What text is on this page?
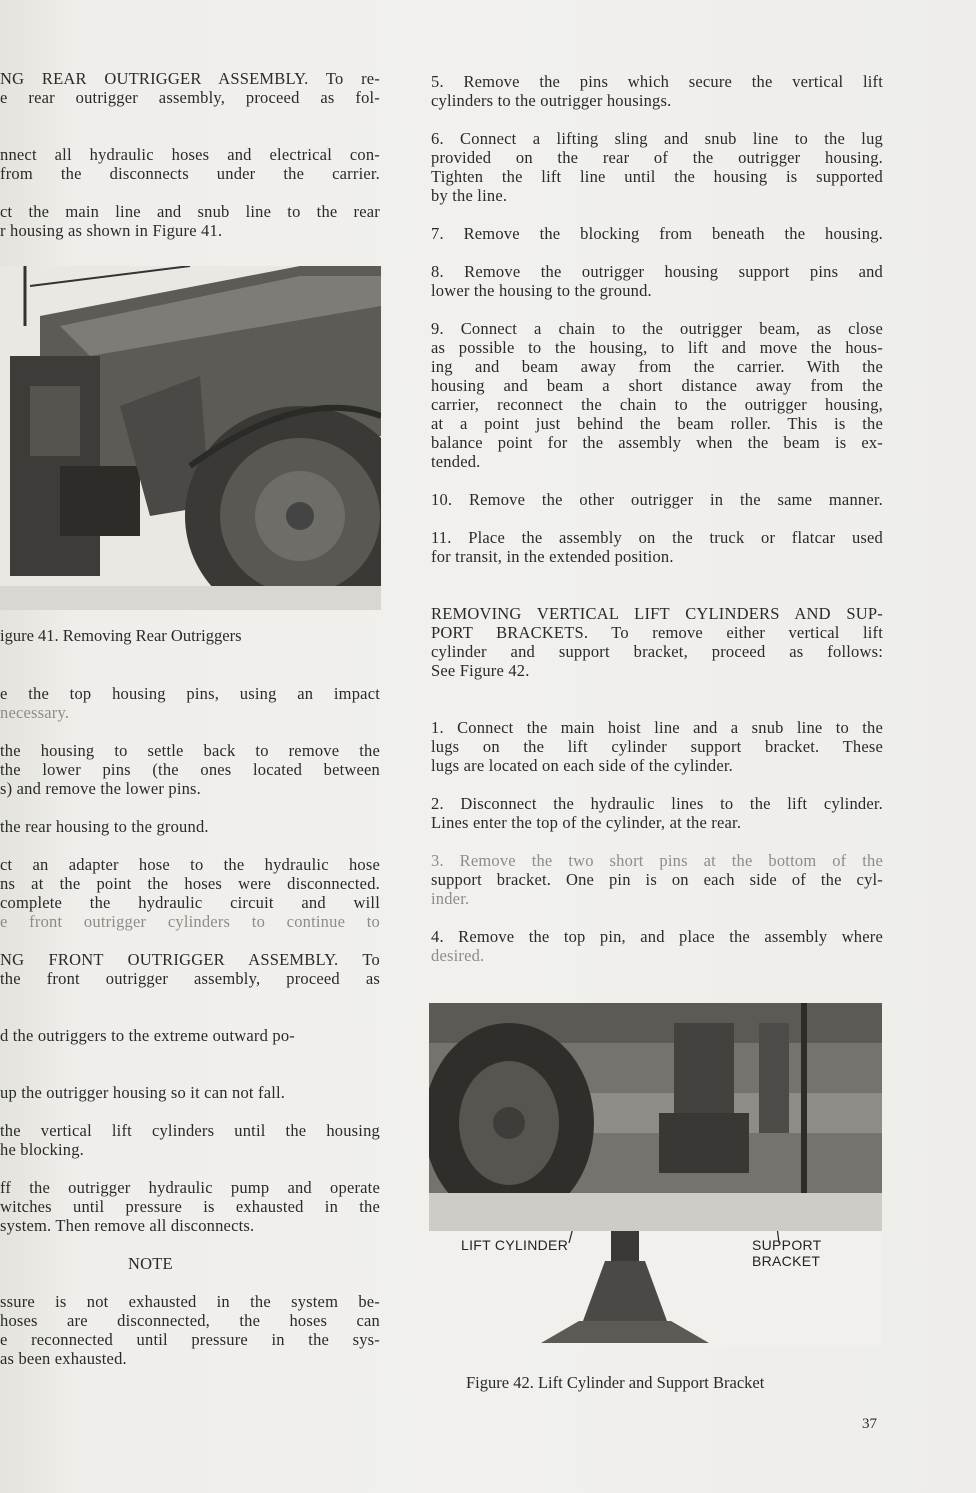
NG REAR OUTRIGGER ASSEMBLY. To re-
e rear outrigger assembly, proceed as fol-
nnect all hydraulic hoses and electrical con-
from the disconnects under the carrier.
ct the main line and snub line to the rear
r housing as shown in Figure 41.
igure 41. Removing Rear Outriggers
e the top housing pins, using an impact
necessary.
the housing to settle back to remove the
the lower pins (the ones located between
s) and remove the lower pins.
the rear housing to the ground.
ct an adapter hose to the hydraulic hose
ns at the point the hoses were disconnected.
complete the hydraulic circuit and will
e front outrigger cylinders to continue to
NG FRONT OUTRIGGER ASSEMBLY. To
the front outrigger assembly, proceed as
d the outriggers to the extreme outward po-
up the outrigger housing so it can not fall.
the vertical lift cylinders until the housing
he blocking.
ff the outrigger hydraulic pump and operate
witches until pressure is exhausted in the
system. Then remove all disconnects.
NOTE
ssure is not exhausted in the system be-
hoses are disconnected, the hoses can
e reconnected until pressure in the sys-
as been exhausted.
5. Remove the pins which secure the vertical lift
cylinders to the outrigger housings.
6. Connect a lifting sling and snub line to the lug
provided on the rear of the outrigger housing.
Tighten the lift line until the housing is supported
by the line.
7. Remove the blocking from beneath the housing.
8. Remove the outrigger housing support pins and
lower the housing to the ground.
9. Connect a chain to the outrigger beam, as close
as possible to the housing, to lift and move the hous-
ing and beam away from the carrier. With the
housing and beam a short distance away from the
carrier, reconnect the chain to the outrigger housing,
at a point just behind the beam roller. This is the
balance point for the assembly when the beam is ex-
tended.
10. Remove the other outrigger in the same manner.
11. Place the assembly on the truck or flatcar used
for transit, in the extended position.
REMOVING VERTICAL LIFT CYLINDERS AND SUP-
PORT BRACKETS. To remove either vertical lift
cylinder and support bracket, proceed as follows:
See Figure 42.
1. Connect the main hoist line and a snub line to the
lugs on the lift cylinder support bracket. These
lugs are located on each side of the cylinder.
2. Disconnect the hydraulic lines to the lift cylinder.
Lines enter the top of the cylinder, at the rear.
3. Remove the two short pins at the bottom of the
support bracket. One pin is on each side of the cyl-
inder.
4. Remove the top pin, and place the assembly where
desired.
LIFT CYLINDER	SUPPORT
BRACKET
Figure 42. Lift Cylinder and Support Bracket
37
